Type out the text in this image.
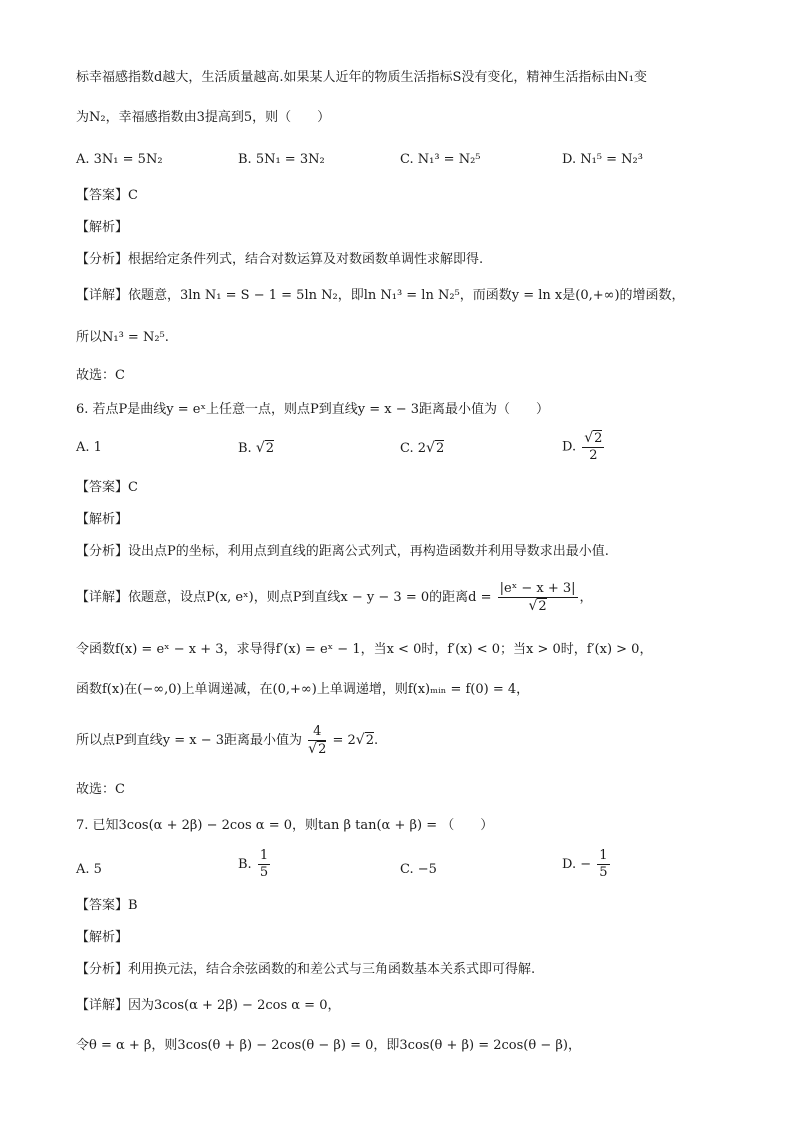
标幸福感指数d越大，生活质量越高.如果某人近年的物质生活指标S没有变化，精神生活指标由N₁变
为N₂，幸福感指数由3提高到5，则（　　）
A. 3N₁ = 5N₂	B. 5N₁ = 3N₂	C. N₁³ = N₂⁵	D. N₁⁵ = N₂³
【答案】C
【解析】
【分析】根据给定条件列式，结合对数运算及对数函数单调性求解即得.
【详解】依题意，3ln N₁ = S − 1 = 5ln N₂，即ln N₁³ = ln N₂⁵，而函数y = ln x是(0,+∞)的增函数，
所以N₁³ = N₂⁵.
故选：C
6. 若点P是曲线y = eˣ上任意一点，则点P到直线y = x − 3距离最小值为（　　）
A. 1	B. √2	C. 2√2	D. $\frac{√2}{2}$
【答案】C
【解析】
【分析】设出点P的坐标，利用点到直线的距离公式列式，再构造函数并利用导数求出最小值.
【详解】依题意，设点P(x, eˣ)，则点P到直线x − y − 3 = 0的距离$d = \frac{\text{|eˣ − x + 3|}}{√2}$ ，
令函数f(x) = eˣ − x + 3，求导得f′(x) = eˣ − 1，当x < 0时，f′(x) < 0；当x > 0时，f′(x) > 0，
函数f(x)在(−∞,0)上单调递减，在(0,+∞)上单调递增，则f(x)ₘᵢₙ = f(0) = 4，
所以点P到直线y = x − 3距离最小值为 $\frac{4}{√2} = 2√2$.
故选：C
7. 已知3cos(α + 2β) − 2cos α = 0，则tan β tan(α + β) = （　　）
A. 5	B. $\frac{1}{5}$	C. −5	D. − $\frac{1}{5}$
【答案】B
【解析】
【分析】利用换元法，结合余弦函数的和差公式与三角函数基本关系式即可得解.
【详解】因为3cos(α + 2β) − 2cos α = 0，
令θ = α + β，则3cos(θ + β) − 2cos(θ − β) = 0，即3cos(θ + β) = 2cos(θ − β)，
